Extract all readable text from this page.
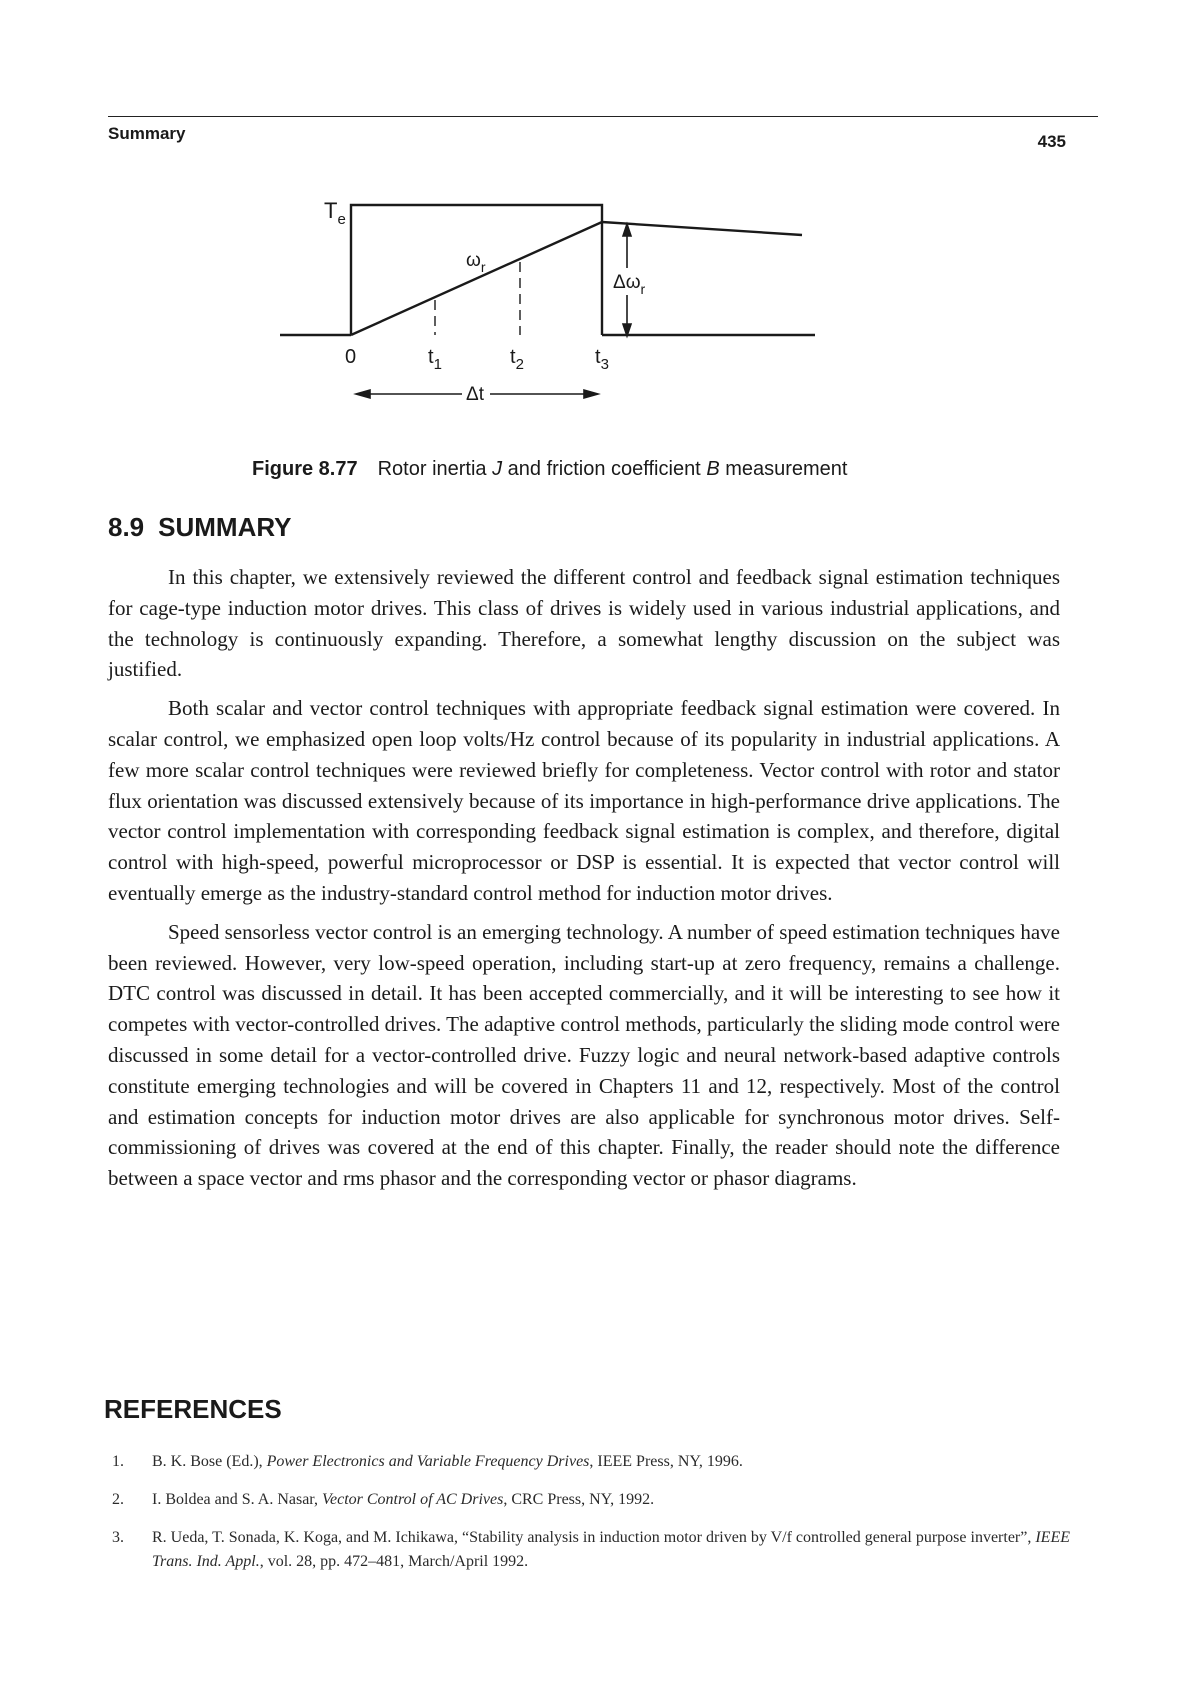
Summary	435
$T_e$
$\omega_r$
$\Delta\omega_r$
0	$t_1$	$t_2$	$t_3$
Δt
Figure 8.77 Rotor inertia J and friction coefficient B measurement
8.9 SUMMARY

In this chapter, we extensively reviewed the different control and feedback signal estimation techniques for cage-type induction motor drives. This class of drives is widely used in various industrial applications, and the technology is continuously expanding. Therefore, a somewhat lengthy discussion on the subject was justified.

Both scalar and vector control techniques with appropriate feedback signal estimation were covered. In scalar control, we emphasized open loop volts/Hz control because of its popularity in industrial applications. A few more scalar control techniques were reviewed briefly for completeness. Vector control with rotor and stator flux orientation was discussed extensively because of its importance in high-performance drive applications. The vector control implementation with corresponding feedback signal estimation is complex, and therefore, digital control with high-speed, powerful microprocessor or DSP is essential. It is expected that vector control will eventually emerge as the industry-standard control method for induction motor drives.

Speed sensorless vector control is an emerging technology. A number of speed estimation techniques have been reviewed. However, very low-speed operation, including start-up at zero frequency, remains a challenge. DTC control was discussed in detail. It has been accepted commercially, and it will be interesting to see how it competes with vector-controlled drives. The adaptive control methods, particularly the sliding mode control were discussed in some detail for a vector-controlled drive. Fuzzy logic and neural network-based adaptive controls constitute emerging technologies and will be covered in Chapters 11 and 12, respectively. Most of the control and estimation concepts for induction motor drives are also applicable for synchronous motor drives. Self-commissioning of drives was covered at the end of this chapter. Finally, the reader should note the difference between a space vector and rms phasor and the corresponding vector or phasor diagrams.

REFERENCES
1. B. K. Bose (Ed.), Power Electronics and Variable Frequency Drives, IEEE Press, NY, 1996.
2. I. Boldea and S. A. Nasar, Vector Control of AC Drives, CRC Press, NY, 1992.
3. R. Ueda, T. Sonada, K. Koga, and M. Ichikawa, “Stability analysis in induction motor driven by V/f controlled general purpose inverter”, IEEE Trans. Ind. Appl., vol. 28, pp. 472–481, March/April 1992.
